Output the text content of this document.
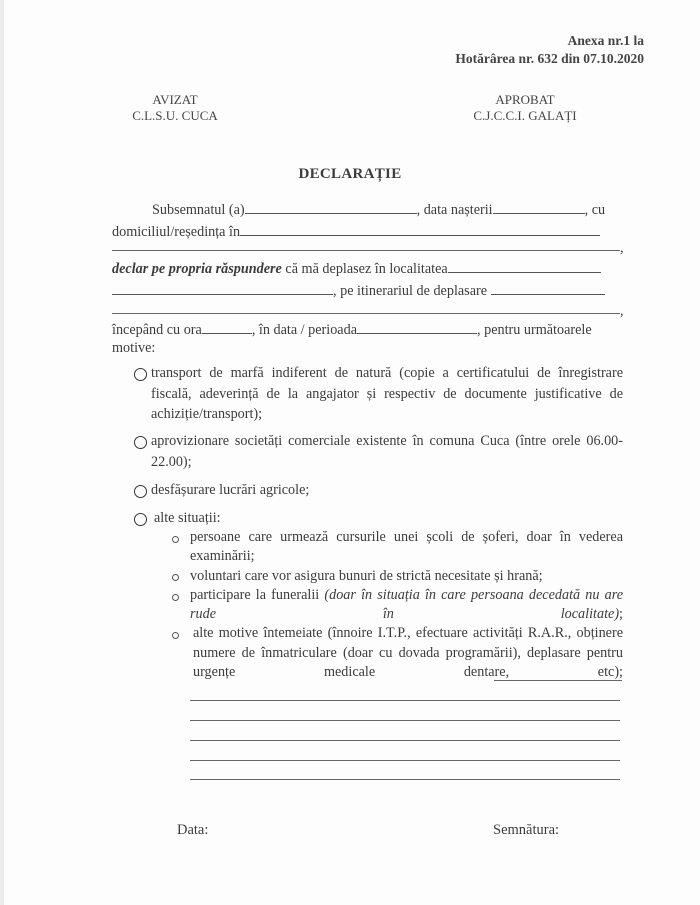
Anexa nr.1 la
Hotărârea nr. 632 din 07.10.2020
AVIZAT
C.L.S.U. CUCA
APROBAT
C.J.C.C.I. GALAȚI
DECLARAȚIE
Subsemnatul (a)	, data nașterii	, cu
domiciliul/reședința în
,
declar pe propria răspundere că mă deplasez în localitatea
, pe itinerariul de deplasare
,
începând cu ora	, în data / perioada	, pentru următoarele
motive:
transport de marfă indiferent de natură (copie a certificatului de înregistrare fiscală, adeverință de la angajator și respectiv de documente justificative de achiziție/transport);
aprovizionare societăți comerciale existente în comuna Cuca (între orele 06.00-22.00);
desfășurare lucrări agricole;
alte situații:
persoane care urmează cursurile unei școli de șoferi, doar în vederea examinării;
voluntari care vor asigura bunuri de strictă necesitate și hrană;
participare la funeralii (doar în situația în care persoana decedată nu are rude în localitate);
alte motive întemeiate (înnoire I.T.P., efectuare activități R.A.R., obținere numere de înmatriculare (doar cu dovada programării), deplasare pentru urgențe medicale dentare, etc);
Data:	Semnătura:
